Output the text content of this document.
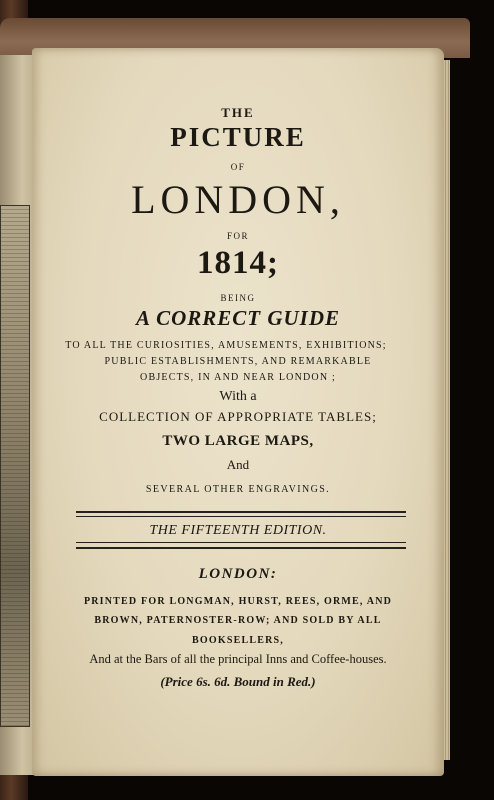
THE
PICTURE
OF
LONDON,
FOR
1814;
BEING
A CORRECT GUIDE
TO ALL THE CURIOSITIES, AMUSEMENTS, EXHIBITIONS;
PUBLIC ESTABLISHMENTS, AND REMARKABLE
OBJECTS, IN AND NEAR LONDON ;
With a
COLLECTION OF APPROPRIATE TABLES;
TWO LARGE MAPS,
And
SEVERAL OTHER ENGRAVINGS.
THE FIFTEENTH EDITION.
LONDON:
PRINTED FOR LONGMAN, HURST, REES, ORME, AND
BROWN, PATERNOSTER-ROW; AND SOLD BY ALL
BOOKSELLERS,
And at the Bars of all the principal Inns and Coffee-houses.
(Price 6s. 6d. Bound in Red.)
